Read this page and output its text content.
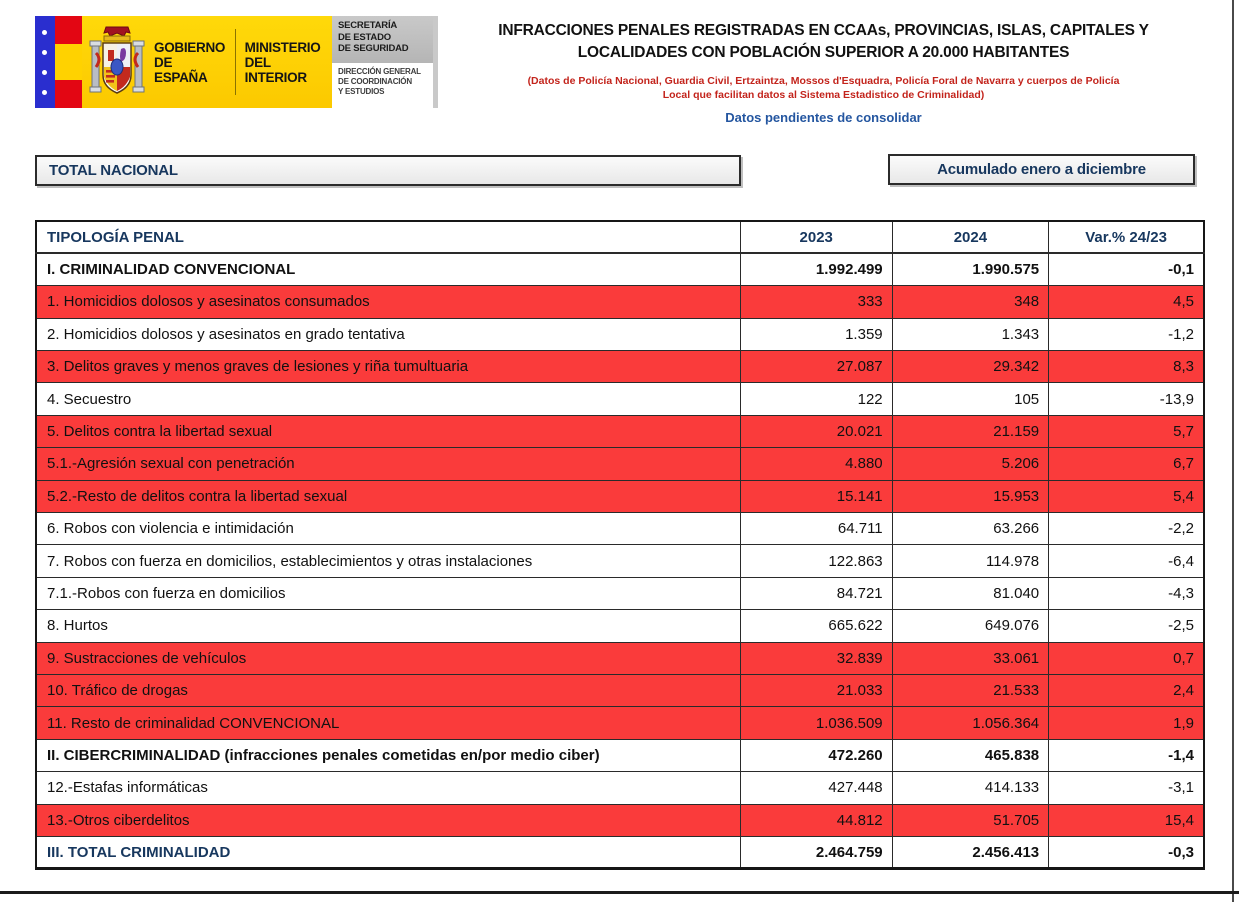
GOBIERNO
DE ESPAÑA
MINISTERIO
DEL INTERIOR
SECRETARÍA
DE ESTADO
DE SEGURIDAD
DIRECCIÓN GENERAL
DE COORDINACIÓN
Y ESTUDIOS
INFRACCIONES PENALES REGISTRADAS EN CCAAs, PROVINCIAS, ISLAS, CAPITALES Y
LOCALIDADES CON POBLACIÓN SUPERIOR A 20.000 HABITANTES
(Datos de Policía Nacional, Guardia Civil, Ertzaintza, Mossos d'Esquadra, Policía Foral de Navarra y cuerpos de Policía
Local que facilitan datos al Sistema Estadistico de Criminalidad)
Datos pendientes de consolidar
TOTAL NACIONAL	Acumulado enero a diciembre
TIPOLOGÍA PENAL	2023	2024	Var.% 24/23
I. CRIMINALIDAD CONVENCIONAL	1.992.499	1.990.575	-0,1
1. Homicidios dolosos y asesinatos consumados	333	348	4,5
2. Homicidios dolosos y asesinatos en grado tentativa	1.359	1.343	-1,2
3. Delitos graves y menos graves de lesiones y riña tumultuaria	27.087	29.342	8,3
4. Secuestro	122	105	-13,9
5. Delitos contra la libertad sexual	20.021	21.159	5,7
5.1.-Agresión sexual con penetración	4.880	5.206	6,7
5.2.-Resto de delitos contra la libertad sexual	15.141	15.953	5,4
6. Robos con violencia e intimidación	64.711	63.266	-2,2
7. Robos con fuerza en domicilios, establecimientos y otras instalaciones	122.863	114.978	-6,4
7.1.-Robos con fuerza en domicilios	84.721	81.040	-4,3
8. Hurtos	665.622	649.076	-2,5
9. Sustracciones de vehículos	32.839	33.061	0,7
10. Tráfico de drogas	21.033	21.533	2,4
11. Resto de criminalidad CONVENCIONAL	1.036.509	1.056.364	1,9
II. CIBERCRIMINALIDAD (infracciones penales cometidas en/por medio ciber)	472.260	465.838	-1,4
12.-Estafas informáticas	427.448	414.133	-3,1
13.-Otros ciberdelitos	44.812	51.705	15,4
III. TOTAL CRIMINALIDAD	2.464.759	2.456.413	-0,3
